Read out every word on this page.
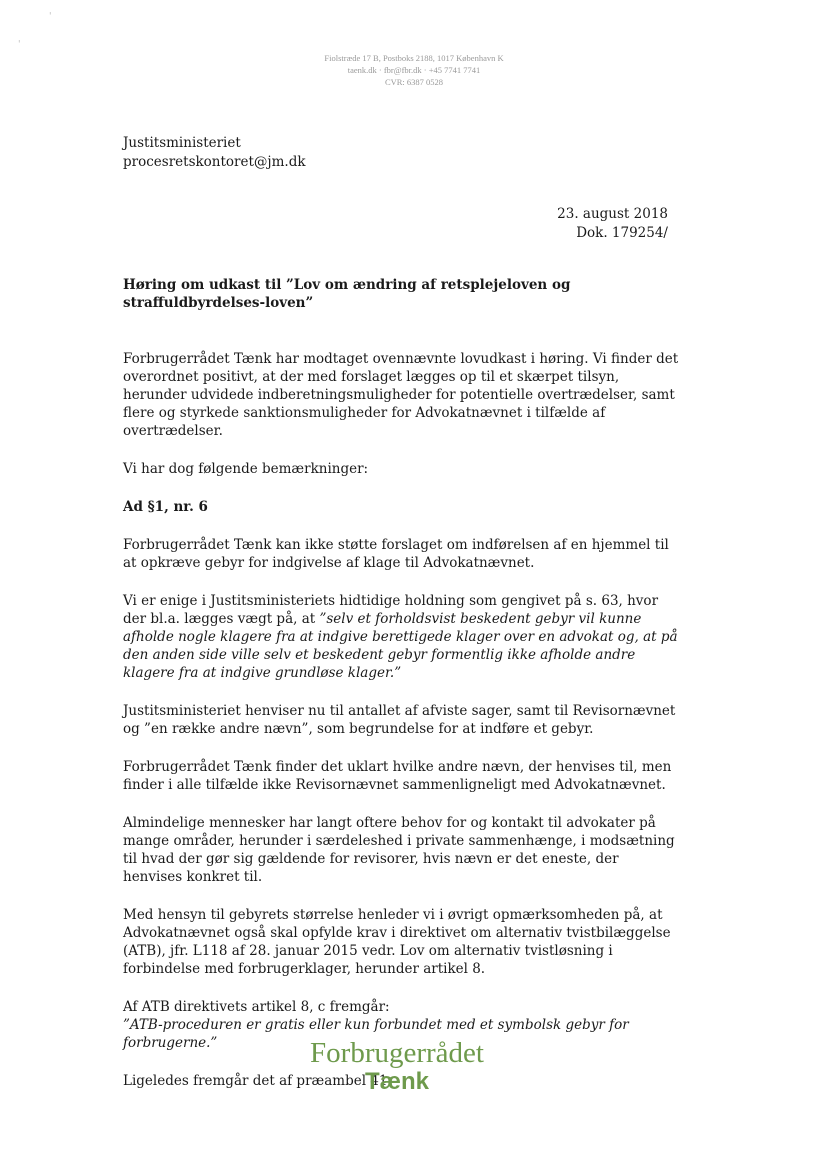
'
'
Fiolstræde 17 B, Postboks 2188, 1017 København K
taenk.dk · fbr@fbr.dk · +45 7741 7741
CVR: 6387 0528
Justitsministeriet
procesretskontoret@jm.dk
23. august 2018
Dok. 179254/
Høring om udkast til ”Lov om ændring af retsplejeloven og straffuldbyrdelses-loven”

Forbrugerrådet Tænk har modtaget ovennævnte lovudkast i høring. Vi finder det overordnet positivt, at der med forslaget lægges op til et skærpet tilsyn, herunder udvidede indberetningsmuligheder for potentielle overtrædelser, samt flere og styrkede sanktionsmuligheder for Advokatnævnet i tilfælde af overtrædelser.

Vi har dog følgende bemærkninger:

Ad §1, nr. 6

Forbrugerrådet Tænk kan ikke støtte forslaget om indførelsen af en hjemmel til at opkræve gebyr for indgivelse af klage til Advokatnævnet.

Vi er enige i Justitsministeriets hidtidige holdning som gengivet på s. 63, hvor der bl.a. lægges vægt på, at ”selv et forholdsvist beskedent gebyr vil kunne afholde nogle klagere fra at indgive berettigede klager over en advokat og, at på den anden side ville selv et beskedent gebyr formentlig ikke afholde andre klagere fra at indgive grundløse klager.”

Justitsministeriet henviser nu til antallet af afviste sager, samt til Revisornævnet og ”en række andre nævn”, som begrundelse for at indføre et gebyr.

Forbrugerrådet Tænk finder det uklart hvilke andre nævn, der henvises til, men finder i alle tilfælde ikke Revisornævnet sammenligneligt med Advokatnævnet.

Almindelige mennesker har langt oftere behov for og kontakt til advokater på mange områder, herunder i særdeleshed i private sammenhænge, i modsætning til hvad der gør sig gældende for revisorer, hvis nævn er det eneste, der henvises konkret til.

Med hensyn til gebyrets størrelse henleder vi i øvrigt opmærksomheden på, at Advokatnævnet også skal opfylde krav i direktivet om alternativ tvistbilæggelse (ATB), jfr. L118 af 28. januar 2015 vedr. Lov om alternativ tvistløsning i forbindelse med forbrugerklager, herunder artikel 8.

Af ATB direktivets artikel 8, c fremgår:

”ATB-proceduren er gratis eller kun forbundet med et symbolsk gebyr for forbrugerne.”

Ligeledes fremgår det af præambel 41:

Forbrugerrådet
Tænk
